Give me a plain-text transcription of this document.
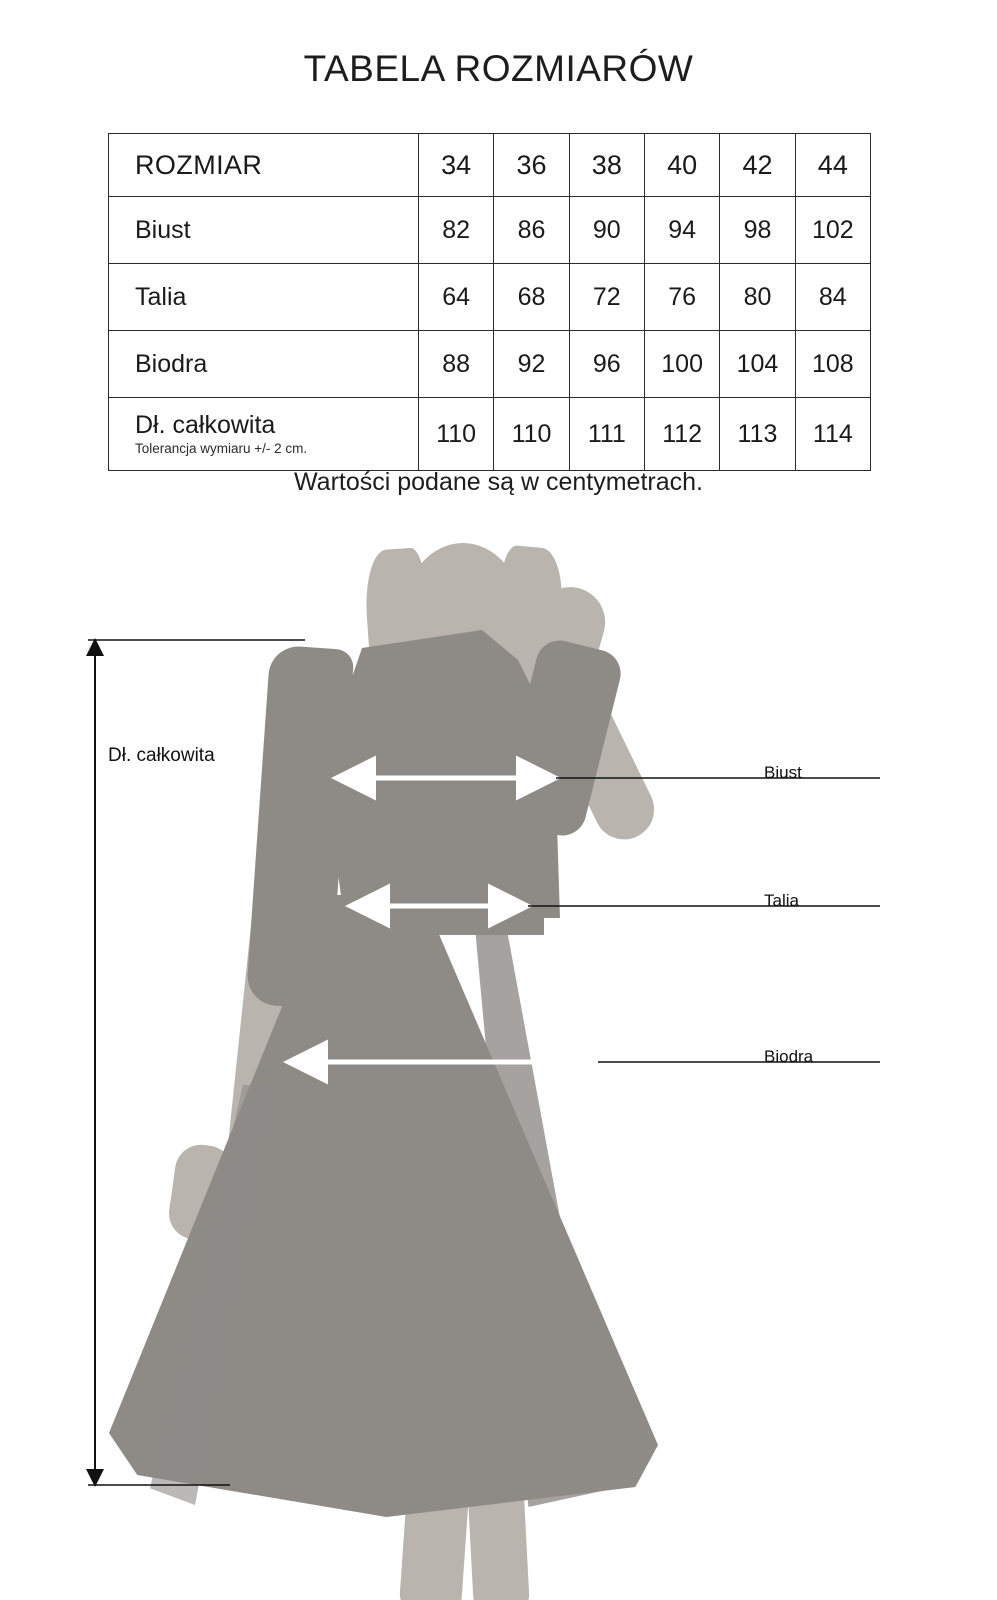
TABELA ROZMIARÓW
ROZMIAR	34	36	38	40	42	44
Biust	82	86	90	94	98	102
Talia	64	68	72	76	80	84
Biodra	88	92	96	100	104	108

Dł. całkowita
Tolerancja wymiaru +/- 2 cm.	110	110	111	112	113	114
Wartości podane są w centymetrach.
Dł. całkowita
Biust
Talia
Biodra
